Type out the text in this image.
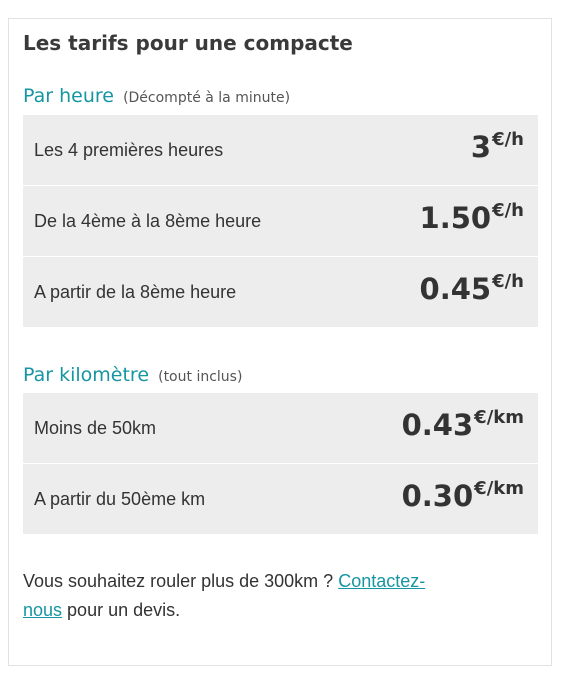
Les tarifs pour une compacte
Par heure (Décompté à la minute)
Les 4 premières heures	3€/h
De la 4ème à la 8ème heure	1.50€/h
A partir de la 8ème heure	0.45€/h
Par kilomètre (tout inclus)
Moins de 50km	0.43€/km
A partir du 50ème km	0.30€/km

Vous souhaitez rouler plus de 300km ? Contactez-
nous pour un devis.
